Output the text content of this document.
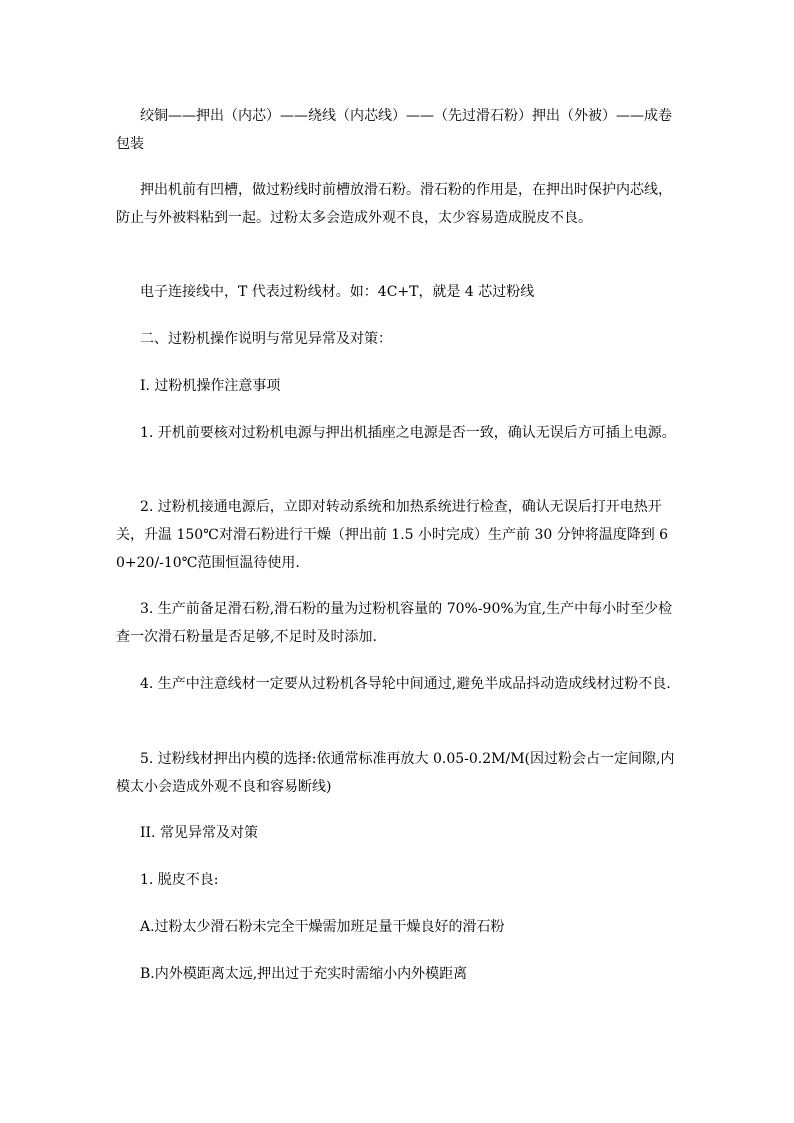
绞铜——押出（内芯）——绕线（内芯线）——（先过滑石粉）押出（外被）——成卷包装

押出机前有凹槽，做过粉线时前槽放滑石粉。滑石粉的作用是，在押出时保护内芯线，防止与外被料粘到一起。过粉太多会造成外观不良，太少容易造成脱皮不良。

电子连接线中，T 代表过粉线材。如：4C+T，就是 4 芯过粉线

二、过粉机操作说明与常见异常及对策：

I. 过粉机操作注意事项

1. 开机前要核对过粉机电源与押出机插座之电源是否一致，确认无误后方可插上电源。

2. 过粉机接通电源后，立即对转动系统和加热系统进行检查，确认无误后打开电热开关，升温 150℃对滑石粉进行干燥（押出前 1.5 小时完成）生产前 30 分钟将温度降到 60+20/-10℃范围恒温待使用.

3. 生产前备足滑石粉,滑石粉的量为过粉机容量的 70%-90%为宜,生产中每小时至少检查一次滑石粉量是否足够,不足时及时添加.

4. 生产中注意线材一定要从过粉机各导轮中间通过,避免半成品抖动造成线材过粉不良.

5. 过粉线材押出内模的选择:依通常标准再放大 0.05-0.2M/M(因过粉会占一定间隙,内模太小会造成外观不良和容易断线)

II. 常见异常及对策

1. 脱皮不良:

A.过粉太少滑石粉未完全干燥需加班足量干燥良好的滑石粉

B.内外模距离太远,押出过于充实时需缩小内外模距离
